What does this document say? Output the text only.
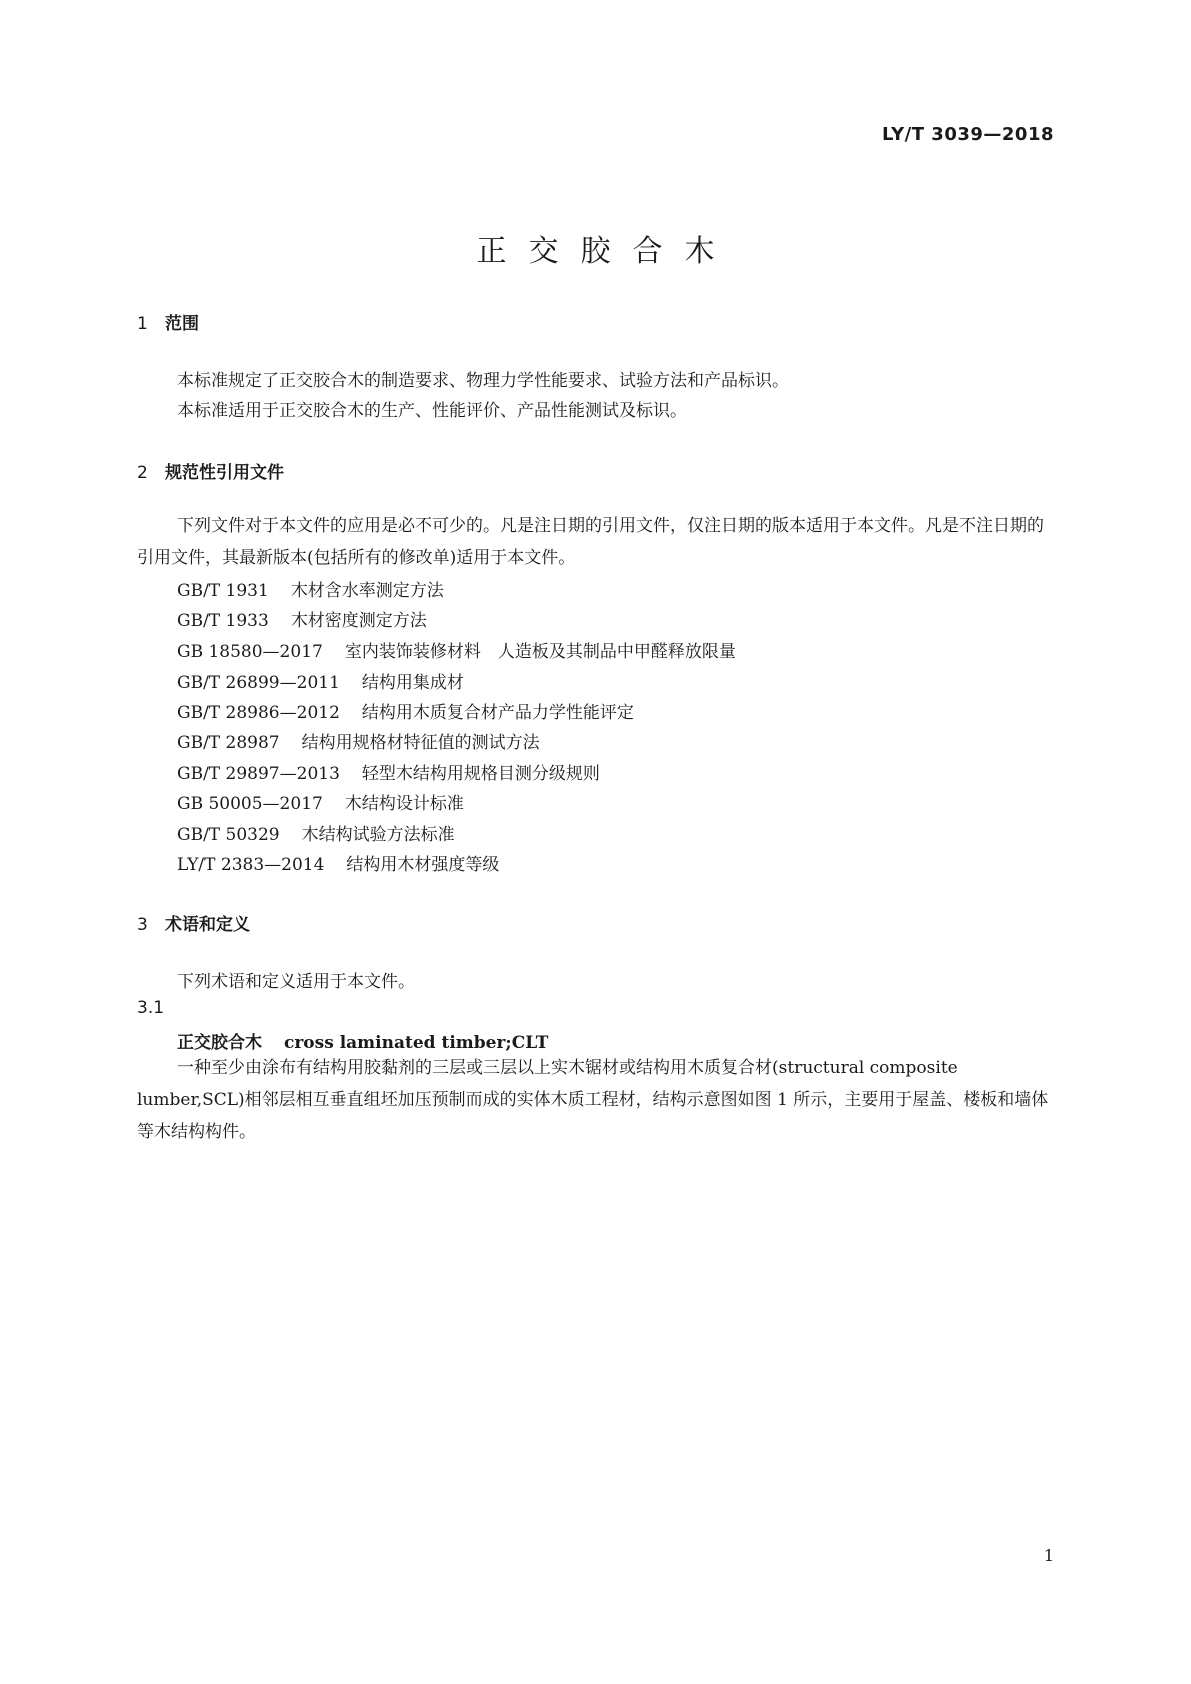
LY/T 3039—2018
正交胶合木
1 范围
本标准规定了正交胶合木的制造要求、物理力学性能要求、试验方法和产品标识。
本标准适用于正交胶合木的生产、性能评价、产品性能测试及标识。
2 规范性引用文件
下列文件对于本文件的应用是必不可少的。凡是注日期的引用文件，仅注日期的版本适用于本文件。凡是不注日期的引用文件，其最新版本(包括所有的修改单)适用于本文件。
GB/T 1931 木材含水率测定方法
GB/T 1933 木材密度测定方法
GB 18580—2017 室内装饰装修材料　人造板及其制品中甲醛释放限量
GB/T 26899—2011 结构用集成材
GB/T 28986—2012 结构用木质复合材产品力学性能评定
GB/T 28987 结构用规格材特征值的测试方法
GB/T 29897—2013 轻型木结构用规格目测分级规则
GB 50005—2017 木结构设计标准
GB/T 50329 木结构试验方法标准
LY/T 2383—2014 结构用木材强度等级
3 术语和定义
下列术语和定义适用于本文件。
3.1
正交胶合木 cross laminated timber;CLT
一种至少由涂布有结构用胶黏剂的三层或三层以上实木锯材或结构用木质复合材(structural composite lumber,SCL)相邻层相互垂直组坯加压预制而成的实体木质工程材，结构示意图如图 1 所示，主要用于屋盖、楼板和墙体等木结构构件。
1
